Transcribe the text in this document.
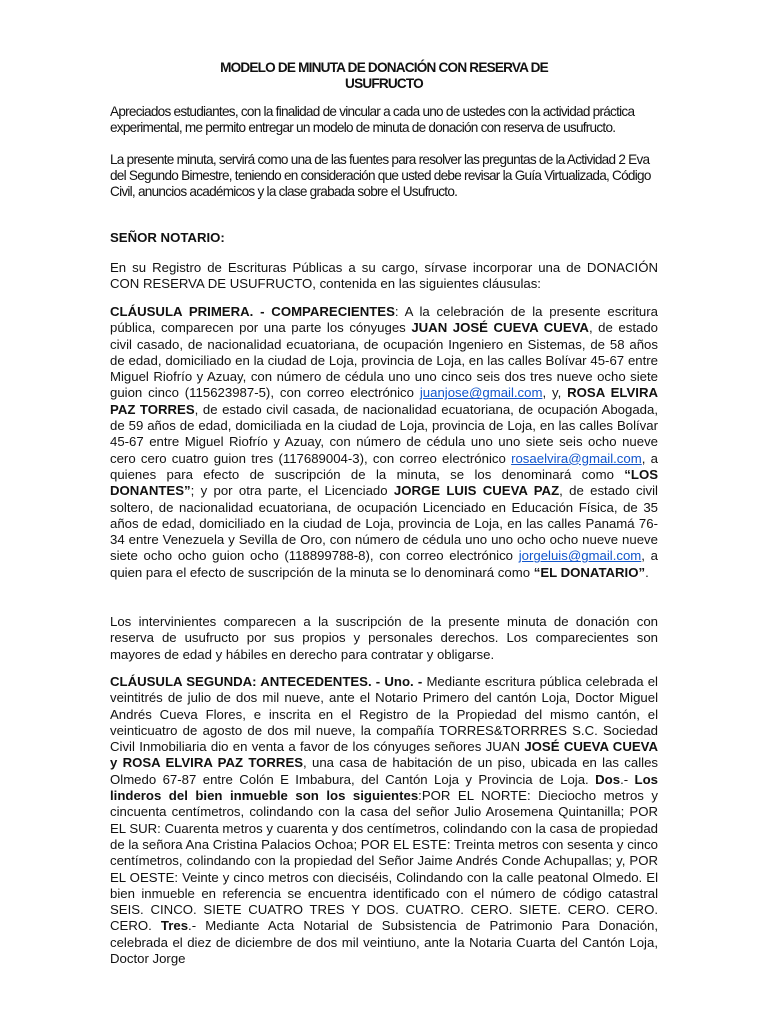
MODELO DE MINUTA DE DONACIÓN CON RESERVA DE
USUFRUCTO

Apreciados estudiantes, con la finalidad de vincular a cada uno de ustedes con la actividad práctica experimental, me permito entregar un modelo de minuta de donación con reserva de usufructo.

La presente minuta, servirá como una de las fuentes para resolver las preguntas de la Actividad 2 Eva del Segundo Bimestre, teniendo en consideración que usted debe revisar la Guía Virtualizada, Código Civil, anuncios académicos y la clase grabada sobre el Usufructo.

SEÑOR NOTARIO:

En su Registro de Escrituras Públicas a su cargo, sírvase incorporar una de DONACIÓN CON RESERVA DE USUFRUCTO, contenida en las siguientes cláusulas:

CLÁUSULA PRIMERA. - COMPARECIENTES: A la celebración de la presente escritura pública, comparecen por una parte los cónyuges JUAN JOSÉ CUEVA CUEVA, de estado civil casado, de nacionalidad ecuatoriana, de ocupación Ingeniero en Sistemas, de 58 años de edad, domiciliado en la ciudad de Loja, provincia de Loja, en las calles Bolívar 45-67 entre Miguel Riofrío y Azuay, con número de cédula uno uno cinco seis dos tres nueve ocho siete guion cinco (115623987-5), con correo electrónico juanjose@gmail.com, y, ROSA ELVIRA PAZ TORRES, de estado civil casada, de nacionalidad ecuatoriana, de ocupación Abogada, de 59 años de edad, domiciliada en la ciudad de Loja, provincia de Loja, en las calles Bolívar 45-67 entre Miguel Riofrío y Azuay, con número de cédula uno uno siete seis ocho nueve cero cero cuatro guion tres (117689004-3), con correo electrónico rosaelvira@gmail.com, a quienes para efecto de suscripción de la minuta, se los denominará como “LOS DONANTES”; y por otra parte, el Licenciado JORGE LUIS CUEVA PAZ, de estado civil soltero, de nacionalidad ecuatoriana, de ocupación Licenciado en Educación Física, de 35 años de edad, domiciliado en la ciudad de Loja, provincia de Loja, en las calles Panamá 76-34 entre Venezuela y Sevilla de Oro, con número de cédula uno uno ocho ocho nueve nueve siete ocho ocho guion ocho (118899788-8), con correo electrónico jorgeluis@gmail.com, a quien para el efecto de suscripción de la minuta se lo denominará como “EL DONATARIO”.

Los intervinientes comparecen a la suscripción de la presente minuta de donación con reserva de usufructo por sus propios y personales derechos. Los comparecientes son mayores de edad y hábiles en derecho para contratar y obligarse.

CLÁUSULA SEGUNDA: ANTECEDENTES. - Uno. - Mediante escritura pública celebrada el veintitrés de julio de dos mil nueve, ante el Notario Primero del cantón Loja, Doctor Miguel Andrés Cueva Flores, e inscrita en el Registro de la Propiedad del mismo cantón, el veinticuatro de agosto de dos mil nueve, la compañía TORRES&TORRRES S.C. Sociedad Civil Inmobiliaria dio en venta a favor de los cónyuges señores JUAN JOSÉ CUEVA CUEVA y ROSA ELVIRA PAZ TORRES, una casa de habitación de un piso, ubicada en las calles Olmedo 67-87 entre Colón E Imbabura, del Cantón Loja y Provincia de Loja. Dos.- Los linderos del bien inmueble son los siguientes:POR EL NORTE: Dieciocho metros y cincuenta centímetros, colindando con la casa del señor Julio Arosemena Quintanilla; POR EL SUR: Cuarenta metros y cuarenta y dos centímetros, colindando con la casa de propiedad de la señora Ana Cristina Palacios Ochoa; POR EL ESTE: Treinta metros con sesenta y cinco centímetros, colindando con la propiedad del Señor Jaime Andrés Conde Achupallas; y, POR EL OESTE: Veinte y cinco metros con dieciséis, Colindando con la calle peatonal Olmedo. El bien inmueble en referencia se encuentra identificado con el número de código catastral SEIS. CINCO. SIETE CUATRO TRES Y DOS. CUATRO. CERO. SIETE. CERO. CERO. CERO. Tres.- Mediante Acta Notarial de Subsistencia de Patrimonio Para Donación, celebrada el diez de diciembre de dos mil veintiuno, ante la Notaria Cuarta del Cantón Loja, Doctor Jorge
